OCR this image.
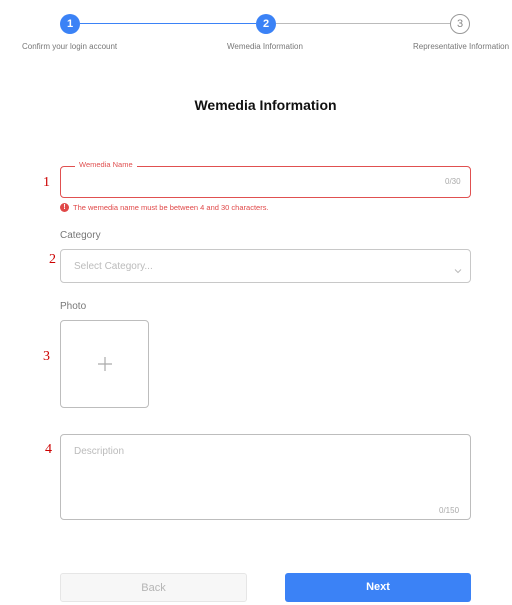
1	2	3
Confirm your login account	Wemedia Information	Representative Information
Wemedia Information
1
2
3
4
Wemedia Name
0/30
! The wemedia name must be between 4 and 30 characters.
Category
Select Category...
Photo
Description
0/150
Back	Next
